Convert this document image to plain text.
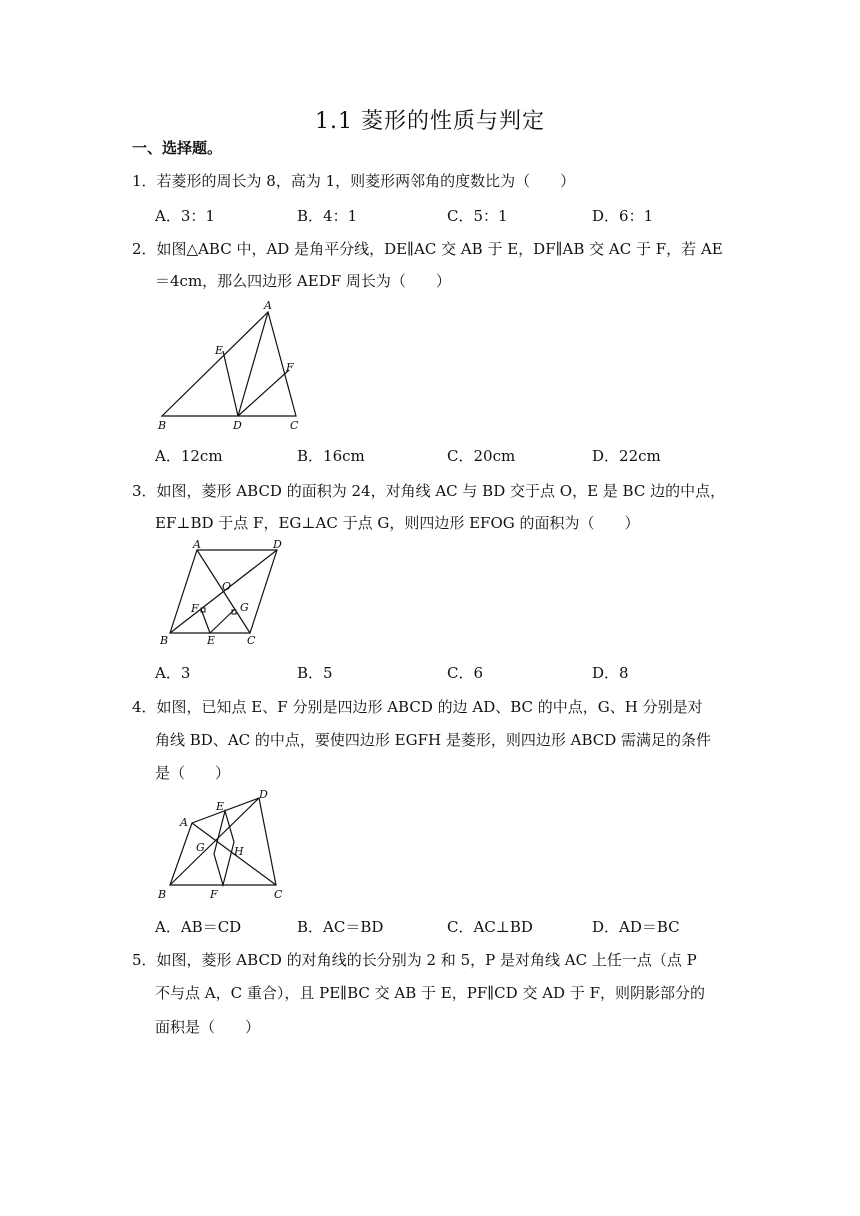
1.1 菱形的性质与判定
一、选择题。
1．若菱形的周长为 8，高为 1，则菱形两邻角的度数比为（　　）
A．3：1	B．4：1	C．5：1	D．6：1
2．如图△ABC 中，AD 是角平分线，DE∥AC 交 AB 于 E，DF∥AB 交 AC 于 F，若 AE
＝4cm，那么四边形 AEDF 周长为（　　）
A
B	C
D
E
F
A．12cm	B．16cm	C．20cm	D．22cm
3．如图，菱形 ABCD 的面积为 24，对角线 AC 与 BD 交于点 O，E 是 BC 边的中点，
EF⊥BD 于点 F，EG⊥AC 于点 G，则四边形 EFOG 的面积为（　　）
A	D
O
F	G
B	E	C
A．3	B．5	C．6	D．8
4．如图，已知点 E、F 分别是四边形 ABCD 的边 AD、BC 的中点，G、H 分别是对
角线 BD、AC 的中点，要使四边形 EGFH 是菱形，则四边形 ABCD 需满足的条件
是（　　）
A
D
E
G	H
B	F	C
A．AB＝CD	B．AC＝BD	C．AC⊥BD	D．AD＝BC
5．如图，菱形 ABCD 的对角线的长分别为 2 和 5，P 是对角线 AC 上任一点（点 P
不与点 A，C 重合），且 PE∥BC 交 AB 于 E，PF∥CD 交 AD 于 F，则阴影部分的
面积是（　　）
